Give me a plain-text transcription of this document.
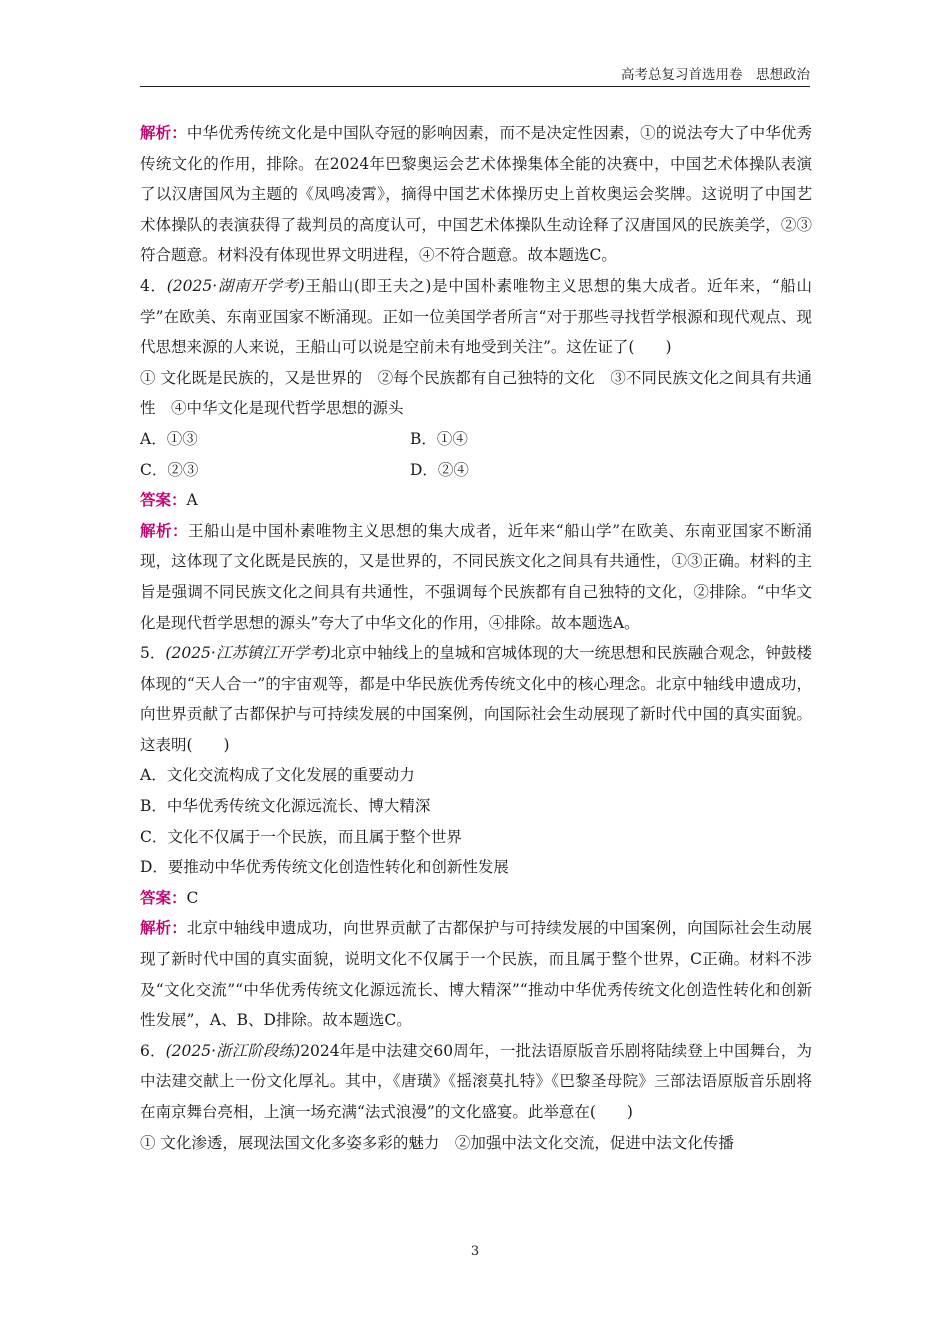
高考总复习首选用卷　思想政治

解析：中华优秀传统文化是中国队夺冠的影响因素，而不是决定性因素，①的说法夸大了中华优秀传统文化的作用，排除。在2024年巴黎奥运会艺术体操集体全能的决赛中，中国艺术体操队表演了以汉唐国风为主题的《凤鸣凌霄》，摘得中国艺术体操历史上首枚奥运会奖牌。这说明了中国艺术体操队的表演获得了裁判员的高度认可，中国艺术体操队生动诠释了汉唐国风的民族美学，②③符合题意。材料没有体现世界文明进程，④不符合题意。故本题选C。

4．(2025·湖南开学考)王船山(即王夫之)是中国朴素唯物主义思想的集大成者。近年来，“船山学”在欧美、东南亚国家不断涌现。正如一位美国学者所言“对于那些寻找哲学根源和现代观点、现代思想来源的人来说，王船山可以说是空前未有地受到关注”。这佐证了(　　)

① 文化既是民族的，又是世界的　②每个民族都有自己独特的文化　③不同民族文化之间具有共通性　④中华文化是现代哲学思想的源头

A．①③	B．①④
C．②③	D．②④

答案：A

解析：王船山是中国朴素唯物主义思想的集大成者，近年来“船山学”在欧美、东南亚国家不断涌现，这体现了文化既是民族的，又是世界的，不同民族文化之间具有共通性，①③正确。材料的主旨是强调不同民族文化之间具有共通性，不强调每个民族都有自己独特的文化，②排除。“中华文化是现代哲学思想的源头”夸大了中华文化的作用，④排除。故本题选A。

5．(2025·江苏镇江开学考)北京中轴线上的皇城和宫城体现的大一统思想和民族融合观念，钟鼓楼体现的“天人合一”的宇宙观等，都是中华民族优秀传统文化中的核心理念。北京中轴线申遗成功，向世界贡献了古都保护与可持续发展的中国案例，向国际社会生动展现了新时代中国的真实面貌。这表明(　　)

A．文化交流构成了文化发展的重要动力

B．中华优秀传统文化源远流长、博大精深

C．文化不仅属于一个民族，而且属于整个世界

D．要推动中华优秀传统文化创造性转化和创新性发展

答案：C

解析：北京中轴线申遗成功，向世界贡献了古都保护与可持续发展的中国案例，向国际社会生动展现了新时代中国的真实面貌，说明文化不仅属于一个民族，而且属于整个世界，C正确。材料不涉及“文化交流”“中华优秀传统文化源远流长、博大精深”“推动中华优秀传统文化创造性转化和创新性发展”，A、B、D排除。故本题选C。

6．(2025·浙江阶段练)2024年是中法建交60周年，一批法语原版音乐剧将陆续登上中国舞台，为中法建交献上一份文化厚礼。其中，《唐璜》《摇滚莫扎特》《巴黎圣母院》三部法语原版音乐剧将在南京舞台亮相，上演一场充满“法式浪漫”的文化盛宴。此举意在(　　)

① 文化渗透，展现法国文化多姿多彩的魅力　②加强中法文化交流，促进中法文化传播

3
